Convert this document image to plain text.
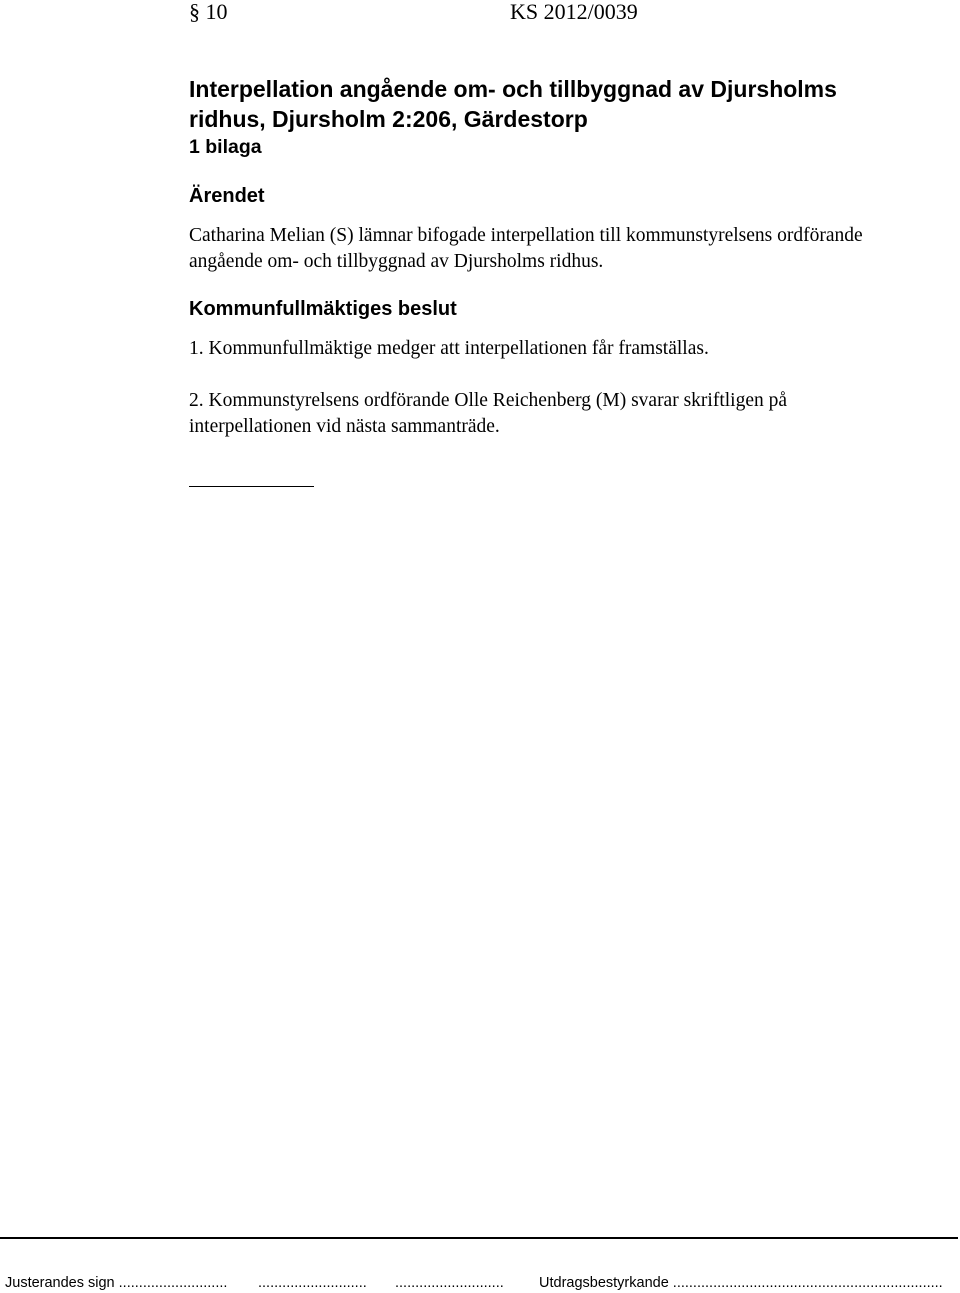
§ 10	KS 2012/0039
Interpellation angående om- och tillbyggnad av Djursholms ridhus, Djursholm 2:206, Gärdestorp
1 bilaga
Ärendet

Catharina Melian (S) lämnar bifogade interpellation till kommunstyrelsens ordförande angående om- och tillbyggnad av Djursholms ridhus.

Kommunfullmäktiges beslut

1. Kommunfullmäktige medger att interpellationen får framställas.

2. Kommunstyrelsens ordförande Olle Reichenberg (M) svarar skriftligen på interpellationen vid nästa sammanträde.

Justerandes sign ........................... ........................... ........................... Utdragsbestyrkande ...................................................................
